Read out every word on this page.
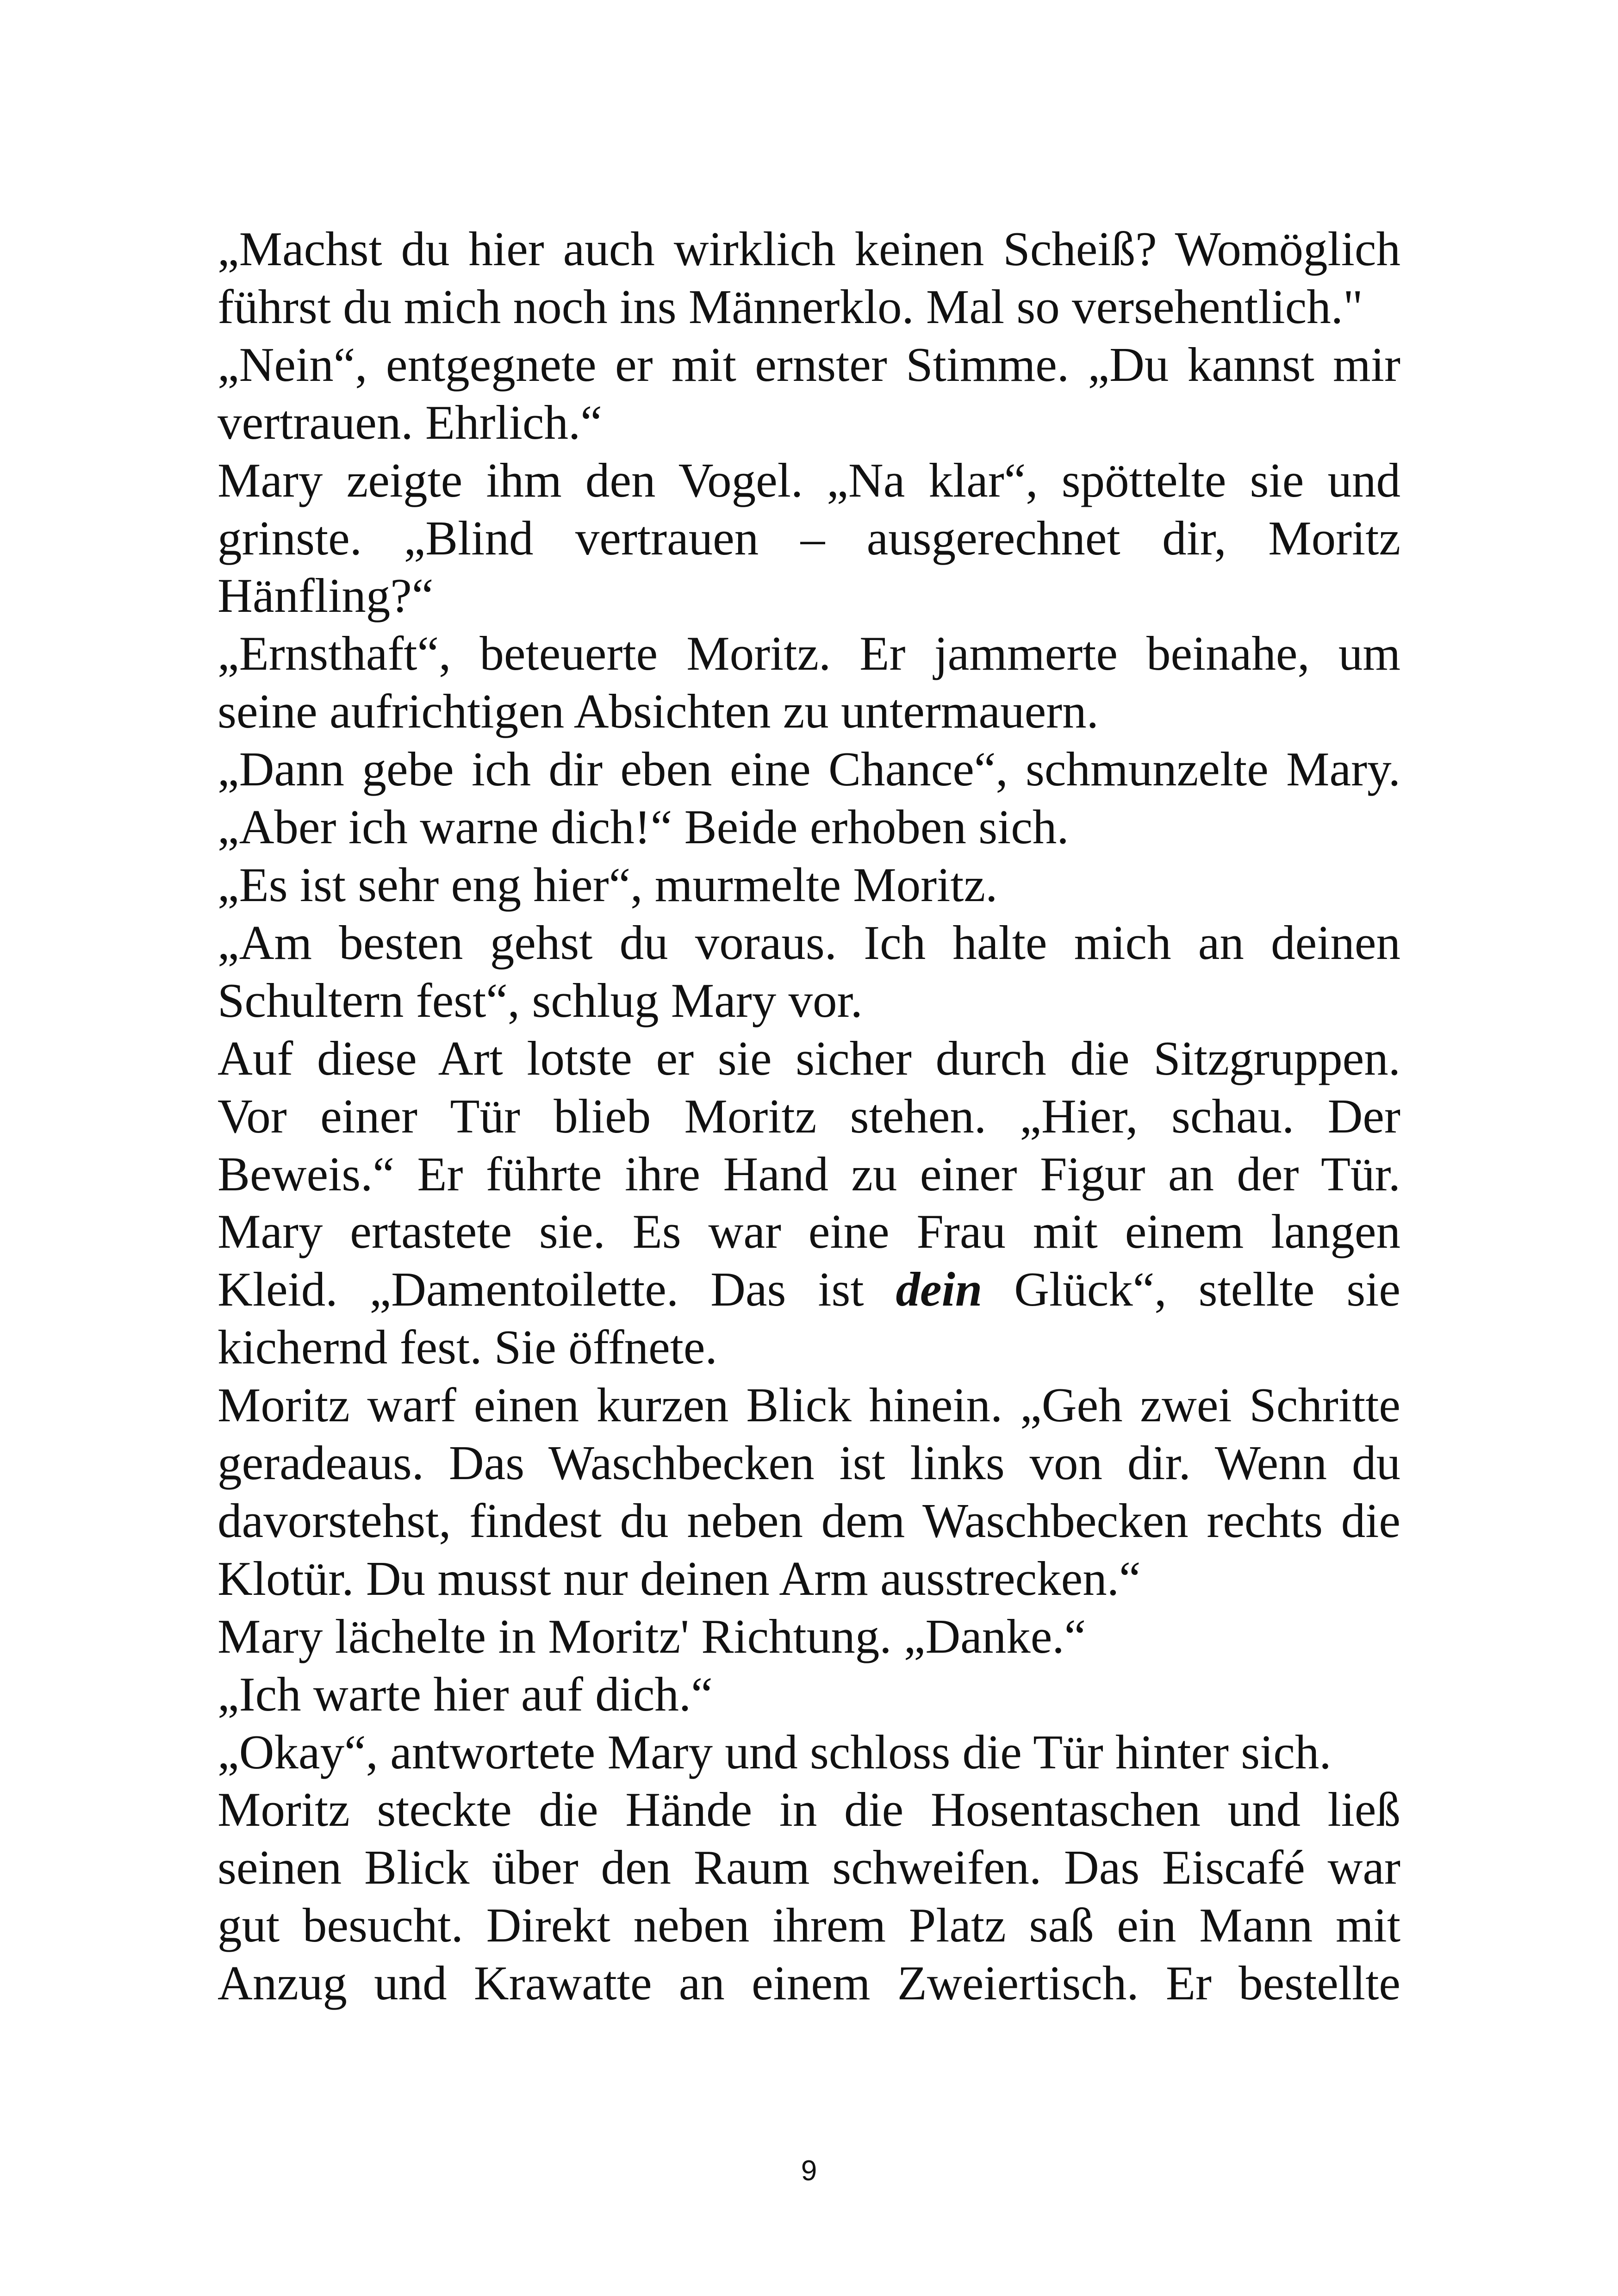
„Machst du hier auch wirklich keinen Scheiß? Womöglich
führst du mich noch ins Männerklo. Mal so versehentlich."
„Nein“, entgegnete er mit ernster Stimme. „Du kannst mir
vertrauen. Ehrlich.“
Mary zeigte ihm den Vogel. „Na klar“, spöttelte sie und
grinste. „Blind vertrauen – ausgerechnet dir, Moritz
Hänfling?“
„Ernsthaft“, beteuerte Moritz. Er jammerte beinahe, um
seine aufrichtigen Absichten zu untermauern.
„Dann gebe ich dir eben eine Chance“, schmunzelte Mary.
„Aber ich warne dich!“ Beide erhoben sich.
„Es ist sehr eng hier“, murmelte Moritz.
„Am besten gehst du voraus. Ich halte mich an deinen
Schultern fest“, schlug Mary vor.
Auf diese Art lotste er sie sicher durch die Sitzgruppen.
Vor einer Tür blieb Moritz stehen. „Hier, schau. Der
Beweis.“ Er führte ihre Hand zu einer Figur an der Tür.
Mary ertastete sie. Es war eine Frau mit einem langen
Kleid. „Damentoilette. Das ist dein Glück“, stellte sie
kichernd fest. Sie öffnete.
Moritz warf einen kurzen Blick hinein. „Geh zwei Schritte
geradeaus. Das Waschbecken ist links von dir. Wenn du
davorstehst, findest du neben dem Waschbecken rechts die
Klotür. Du musst nur deinen Arm ausstrecken.“
Mary lächelte in Moritz' Richtung. „Danke.“
„Ich warte hier auf dich.“
„Okay“, antwortete Mary und schloss die Tür hinter sich.
Moritz steckte die Hände in die Hosentaschen und ließ
seinen Blick über den Raum schweifen. Das Eiscafé war
gut besucht. Direkt neben ihrem Platz saß ein Mann mit
Anzug und Krawatte an einem Zweiertisch. Er bestellte
9
